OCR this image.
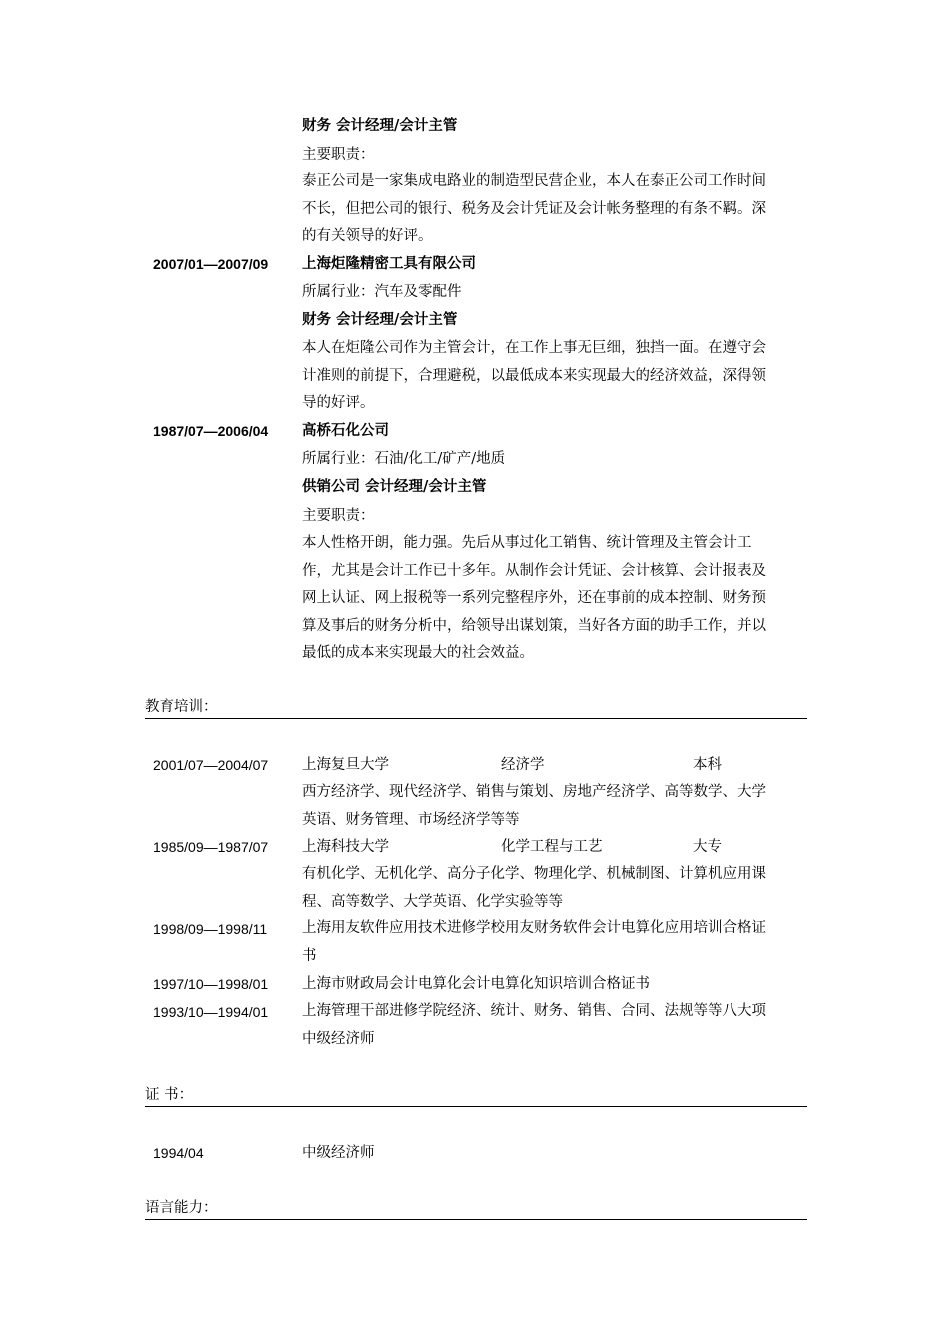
财务 会计经理/会计主管
主要职责：
泰正公司是一家集成电路业的制造型民营企业，本人在泰正公司工作时间
不长，但把公司的银行、税务及会计凭证及会计帐务整理的有条不羁。深
的有关领导的好评。
2007/01—2007/09 上海炬隆精密工具有限公司
所属行业：汽车及零配件
财务 会计经理/会计主管
本人在炬隆公司作为主管会计，在工作上事无巨细，独挡一面。在遵守会
计准则的前提下，合理避税，以最低成本来实现最大的经济效益，深得领
导的好评。
1987/07—2006/04 高桥石化公司
所属行业：石油/化工/矿产/地质
供销公司 会计经理/会计主管
主要职责：
本人性格开朗，能力强。先后从事过化工销售、统计管理及主管会计工
作，尤其是会计工作已十多年。从制作会计凭证、会计核算、会计报表及
网上认证、网上报税等一系列完整程序外，还在事前的成本控制、财务预
算及事后的财务分析中，给领导出谋划策，当好各方面的助手工作，并以
最低的成本来实现最大的社会效益。
教育培训：
2001/07—2004/07 上海复旦大学	经济学	本科
西方经济学、现代经济学、销售与策划、房地产经济学、高等数学、大学
英语、财务管理、市场经济学等等
1985/09—1987/07 上海科技大学	化学工程与工艺	大专
有机化学、无机化学、高分子化学、物理化学、机械制图、计算机应用课
程、高等数学、大学英语、化学实验等等
1998/09—1998/11 上海用友软件应用技术进修学校用友财务软件会计电算化应用培训合格证
书
1997/10—1998/01 上海市财政局会计电算化会计电算化知识培训合格证书
1993/10—1994/01 上海管理干部进修学院经济、统计、财务、销售、合同、法规等等八大项
中级经济师
证 书：
1994/04	中级经济师
语言能力：
